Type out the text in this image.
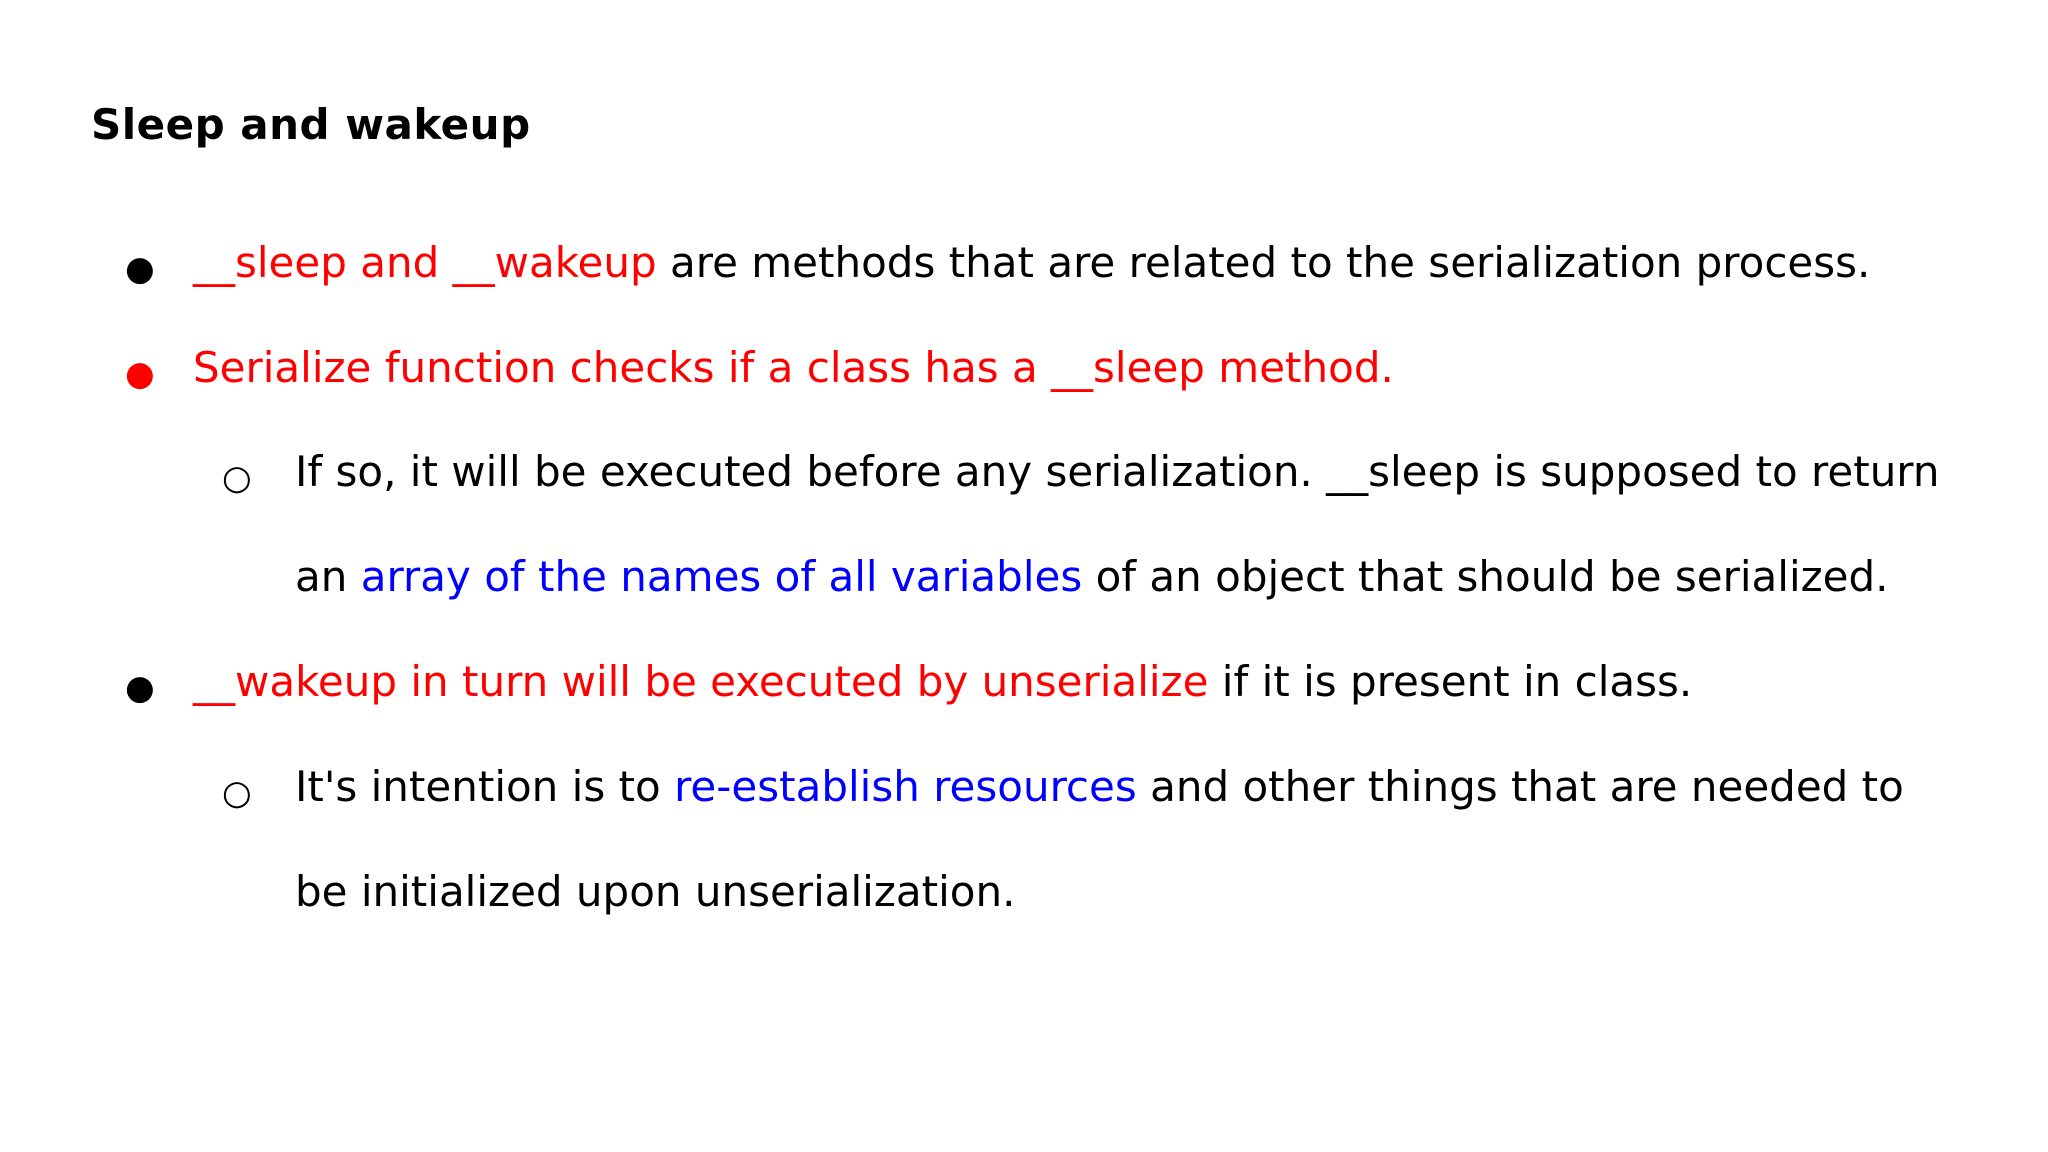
Sleep and wakeup
● __sleep and __wakeup are methods that are related to the serialization process.
● Serialize function checks if a class has a __sleep method.
○ If so, it will be executed before any serialization. __sleep is supposed to return
an array of the names of all variables of an object that should be serialized.
● __wakeup in turn will be executed by unserialize if it is present in class.
○ It's intention is to re-establish resources and other things that are needed to
be initialized upon unserialization.
